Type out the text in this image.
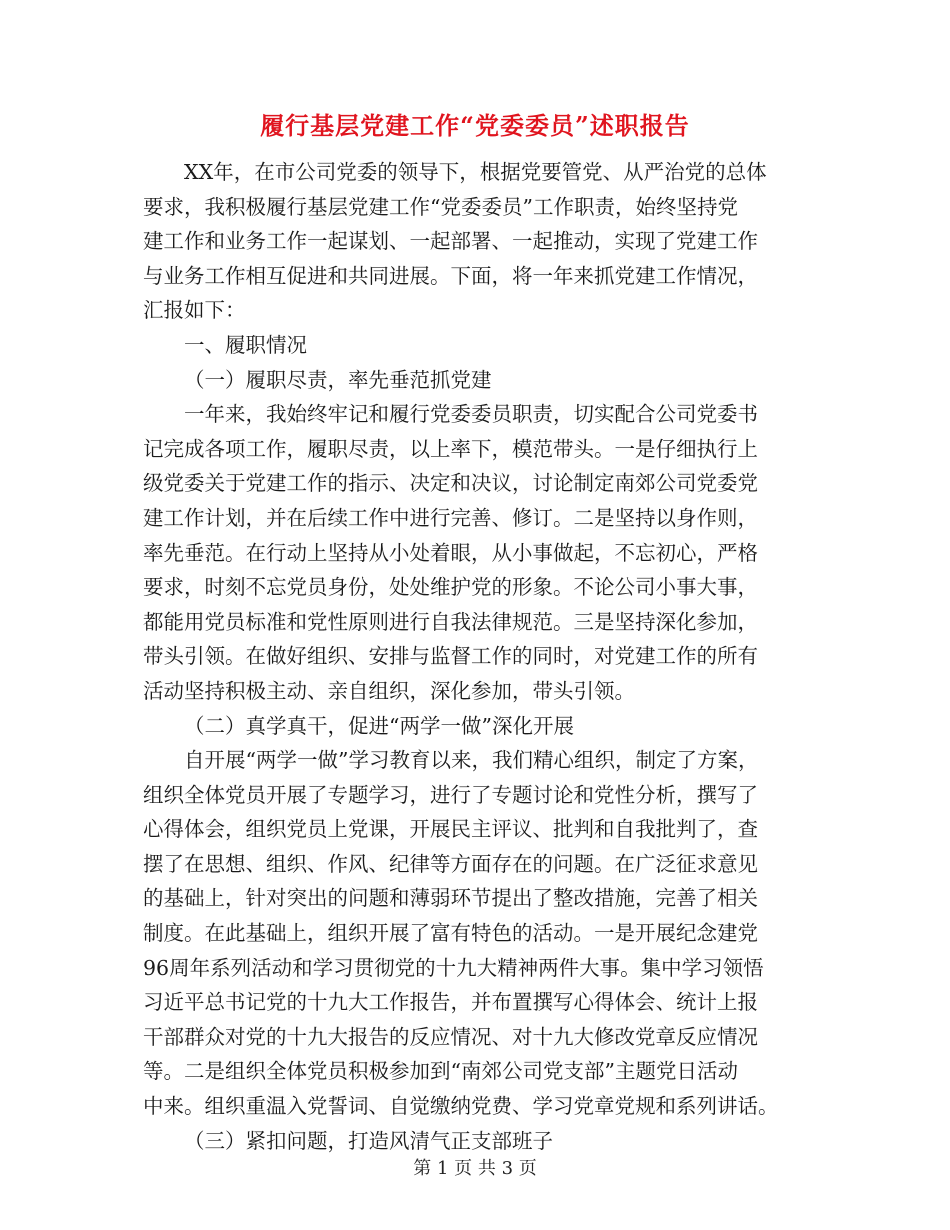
履行基层党建工作“党委委员”述职报告
XX年，在市公司党委的领导下，根据党要管党、从严治党的总体
要求，我积极履行基层党建工作“党委委员”工作职责，始终坚持党
建工作和业务工作一起谋划、一起部署、一起推动，实现了党建工作
与业务工作相互促进和共同进展。下面，将一年来抓党建工作情况，
汇报如下：
一、履职情况
（一）履职尽责，率先垂范抓党建
一年来，我始终牢记和履行党委委员职责，切实配合公司党委书
记完成各项工作，履职尽责，以上率下，模范带头。一是仔细执行上
级党委关于党建工作的指示、决定和决议，讨论制定南郊公司党委党
建工作计划，并在后续工作中进行完善、修订。二是坚持以身作则，
率先垂范。在行动上坚持从小处着眼，从小事做起，不忘初心，严格
要求，时刻不忘党员身份，处处维护党的形象。不论公司小事大事，
都能用党员标准和党性原则进行自我法律规范。三是坚持深化参加，
带头引领。在做好组织、安排与监督工作的同时，对党建工作的所有
活动坚持积极主动、亲自组织，深化参加，带头引领。
（二）真学真干，促进“两学一做”深化开展
自开展“两学一做”学习教育以来，我们精心组织，制定了方案，
组织全体党员开展了专题学习，进行了专题讨论和党性分析，撰写了
心得体会，组织党员上党课，开展民主评议、批判和自我批判了，查
摆了在思想、组织、作风、纪律等方面存在的问题。在广泛征求意见
的基础上，针对突出的问题和薄弱环节提出了整改措施，完善了相关
制度。在此基础上，组织开展了富有特色的活动。一是开展纪念建党
96周年系列活动和学习贯彻党的十九大精神两件大事。集中学习领悟
习近平总书记党的十九大工作报告，并布置撰写心得体会、统计上报
干部群众对党的十九大报告的反应情况、对十九大修改党章反应情况
等。二是组织全体党员积极参加到“南郊公司党支部”主题党日活动
中来。组织重温入党誓词、自觉缴纳党费、学习党章党规和系列讲话。
（三）紧扣问题，打造风清气正支部班子
第 1 页 共 3 页
